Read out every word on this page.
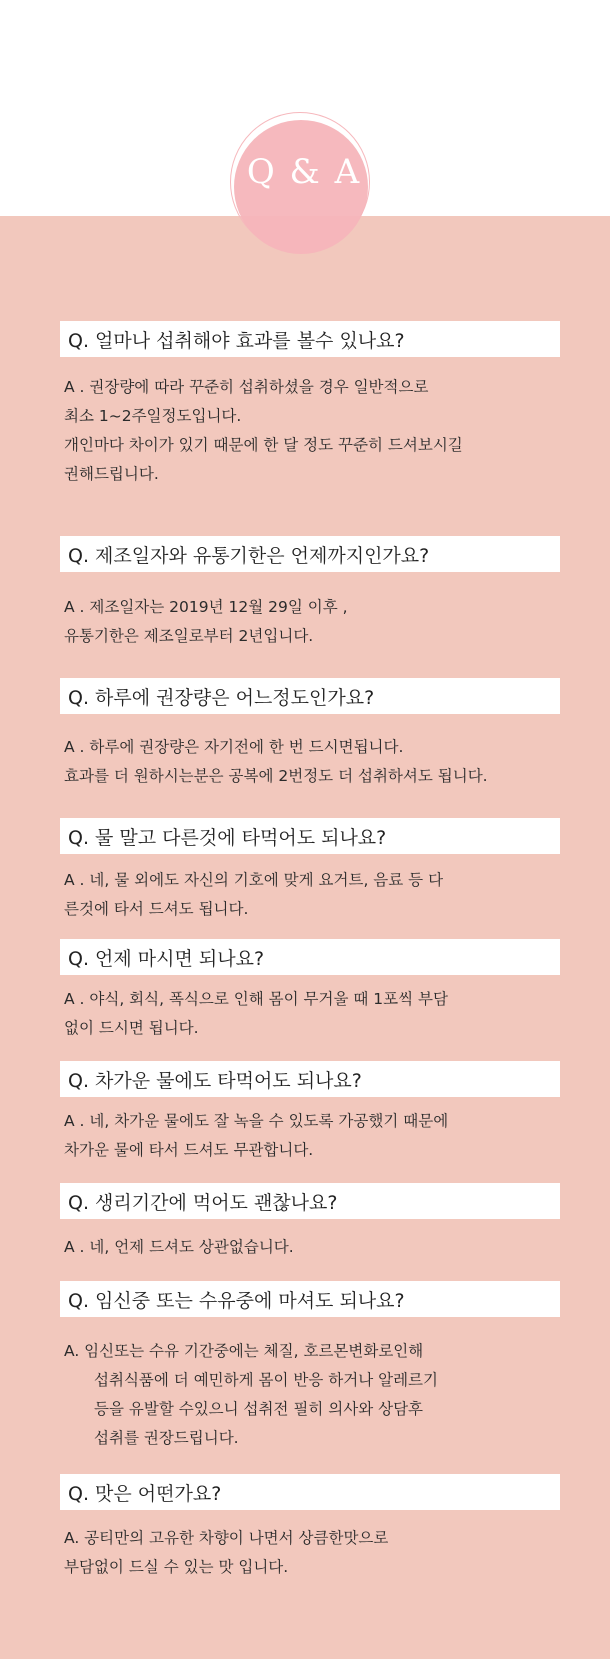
Q & A
Q. 얼마나 섭취해야 효과를 볼수 있나요?
A . 권장량에 따라 꾸준히 섭취하셨을 경우 일반적으로
최소 1~2주일정도입니다.
개인마다 차이가 있기 때문에 한 달 정도 꾸준히 드셔보시길
권해드립니다.
Q. 제조일자와 유통기한은 언제까지인가요?
A . 제조일자는 2019년 12월 29일 이후 ,
유통기한은 제조일로부터 2년입니다.
Q. 하루에 권장량은 어느정도인가요?
A . 하루에 권장량은 자기전에 한 번 드시면됩니다.
효과를 더 원하시는분은 공복에 2번정도 더 섭취하셔도 됩니다.
Q. 물 말고 다른것에 타먹어도 되나요?
A . 네, 물 외에도 자신의 기호에 맞게 요거트, 음료 등 다
른것에 타서 드셔도 됩니다.
Q. 언제 마시면 되나요?
A . 야식, 회식, 폭식으로 인해 몸이 무거울 때 1포씩 부담
없이 드시면 됩니다.
Q. 차가운 물에도 타먹어도 되나요?
A . 네, 차가운 물에도 잘 녹을 수 있도록 가공했기 때문에
차가운 물에 타서 드셔도 무관합니다.
Q. 생리기간에 먹어도 괜찮나요?
A . 네, 언제 드셔도 상관없습니다.
Q. 임신중 또는 수유중에 마셔도 되나요?
A. 임신또는 수유 기간중에는 체질, 호르몬변화로인해
섭취식품에 더 예민하게 몸이 반응 하거나 알레르기
등을 유발할 수있으니 섭취전 필히 의사와 상담후
섭취를 권장드립니다.
Q. 맛은 어떤가요?
A. 공티만의 고유한 차향이 나면서 상큼한맛으로
부담없이 드실 수 있는 맛 입니다.
